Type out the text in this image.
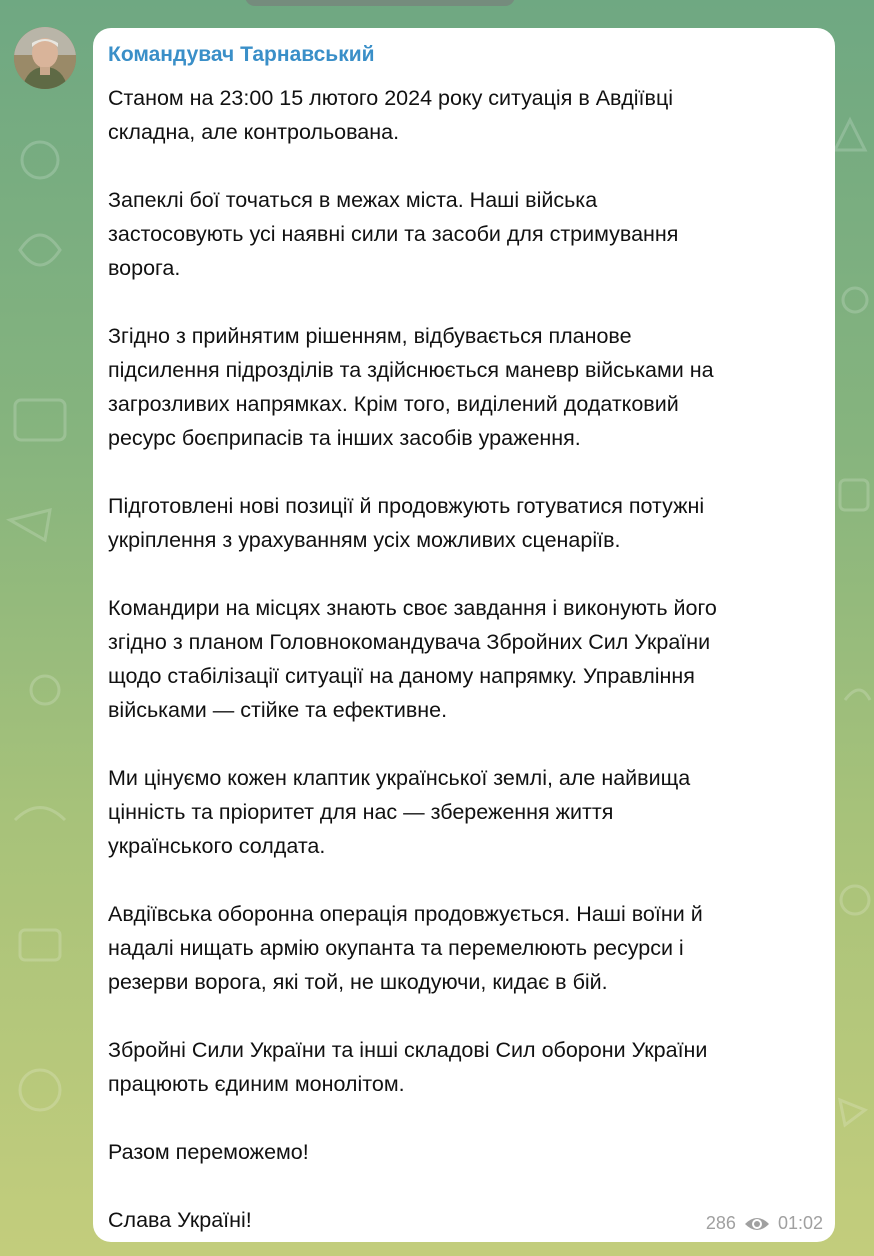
Командувач Тарнавський

Станом на 23:00 15 лютого 2024 року ситуація в Авдіївці
складна, але контрольована.

Запеклі бої точаться в межах міста. Наші війська
застосовують усі наявні сили та засоби для стримування
ворога.

Згідно з прийнятим рішенням, відбувається планове
підсилення підрозділів та здійснюється маневр військами на
загрозливих напрямках. Крім того, виділений додатковий
ресурс боєприпасів та інших засобів ураження.

Підготовлені нові позиції й продовжують готуватися потужні
укріплення з урахуванням усіх можливих сценаріїв.

Командири на місцях знають своє завдання і виконують його
згідно з планом Головнокомандувача Збройних Сил України
щодо стабілізації ситуації на даному напрямку. Управління
військами — стійке та ефективне.

Ми цінуємо кожен клаптик української землі, але найвища
цінність та пріоритет для нас — збереження життя
українського солдата.

Авдіївська оборонна операція продовжується. Наші воїни й
надалі нищать армію окупанта та перемелюють ресурси і
резерви ворога, які той, не шкодуючи, кидає в бій.

Збройні Сили України та інші складові Сил оборони України
працюють єдиним монолітом.

Разом переможемо!

Слава Україні!	286 01:02
